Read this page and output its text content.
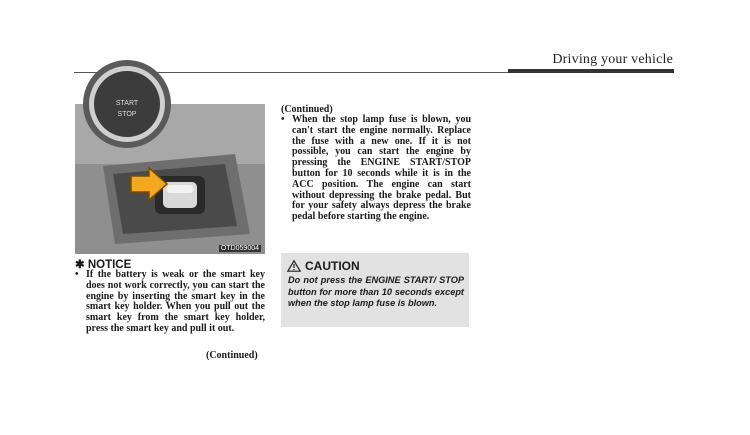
Driving your vehicle
START
STOP
OTD059004
✱ NOTICE
• If the battery is weak or the smart key does not work correctly, you can start the engine by inserting the smart key in the smart key holder. When you pull out the smart key from the smart key holder, press the smart key and pull it out.
(Continued)
(Continued)
• When the stop lamp fuse is blown, you can't start the engine normally. Replace the fuse with a new one. If it is not possible, you can start the engine by pressing the ENGINE START/STOP button for 10 seconds while it is in the ACC position. The engine can start without depressing the brake pedal. But for your safety always depress the brake pedal before starting the engine.
CAUTION
Do not press the ENGINE START/ STOP button for more than 10 seconds except when the stop lamp fuse is blown.
